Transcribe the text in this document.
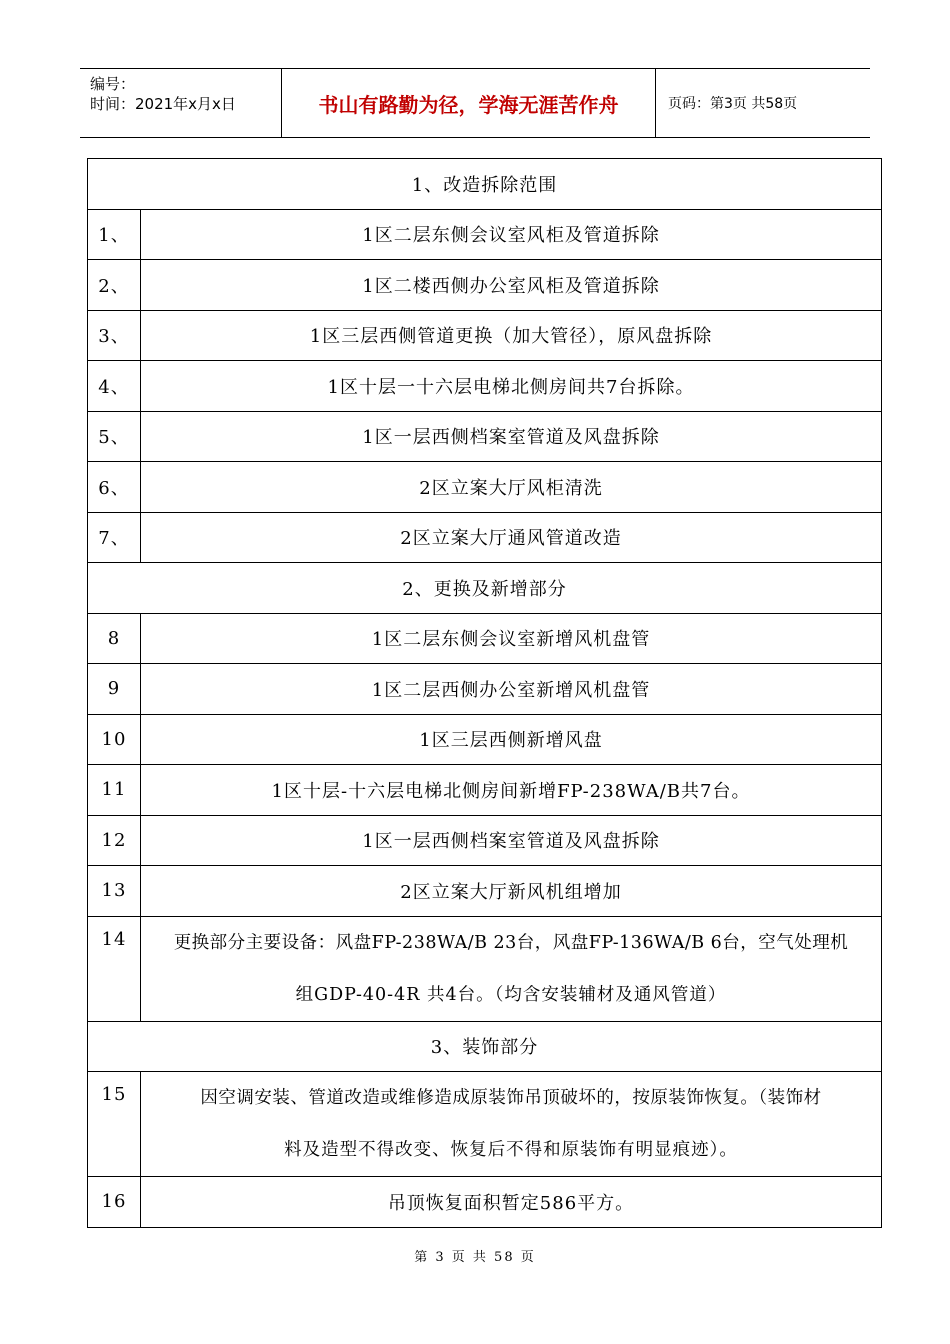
编号：
时间：2021年x月x日	书山有路勤为径，学海无涯苦作舟	页码：第3页 共58页
1、改造拆除范围	
1、	1区二层东侧会议室风柜及管道拆除
2、	1区二楼西侧办公室风柜及管道拆除
3、	1区三层西侧管道更换（加大管径），原风盘拆除
4、	1区十层一十六层电梯北侧房间共7台拆除。
5、	1区一层西侧档案室管道及风盘拆除
6、	2区立案大厅风柜清洗
7、	2区立案大厅通风管道改造
2、更换及新增部分	
8	1区二层东侧会议室新增风机盘管
9	1区二层西侧办公室新增风机盘管
10	1区三层西侧新增风盘
11	1区十层-十六层电梯北侧房间新增FP-238WA/B共7台。
12	1区一层西侧档案室管道及风盘拆除
13	2区立案大厅新风机组增加
14	更换部分主要设备：风盘FP-238WA/B 23台，风盘FP-136WA/B 6台，空气处理机
组GDP-40-4R 共4台。（均含安装辅材及通风管道）

3、装饰部分	
15	因空调安装、管道改造或维修造成原装饰吊顶破坏的，按原装饰恢复。（装饰材
料及造型不得改变、恢复后不得和原装饰有明显痕迹）。

16	吊顶恢复面积暂定586平方。
第 3 页 共 58 页
